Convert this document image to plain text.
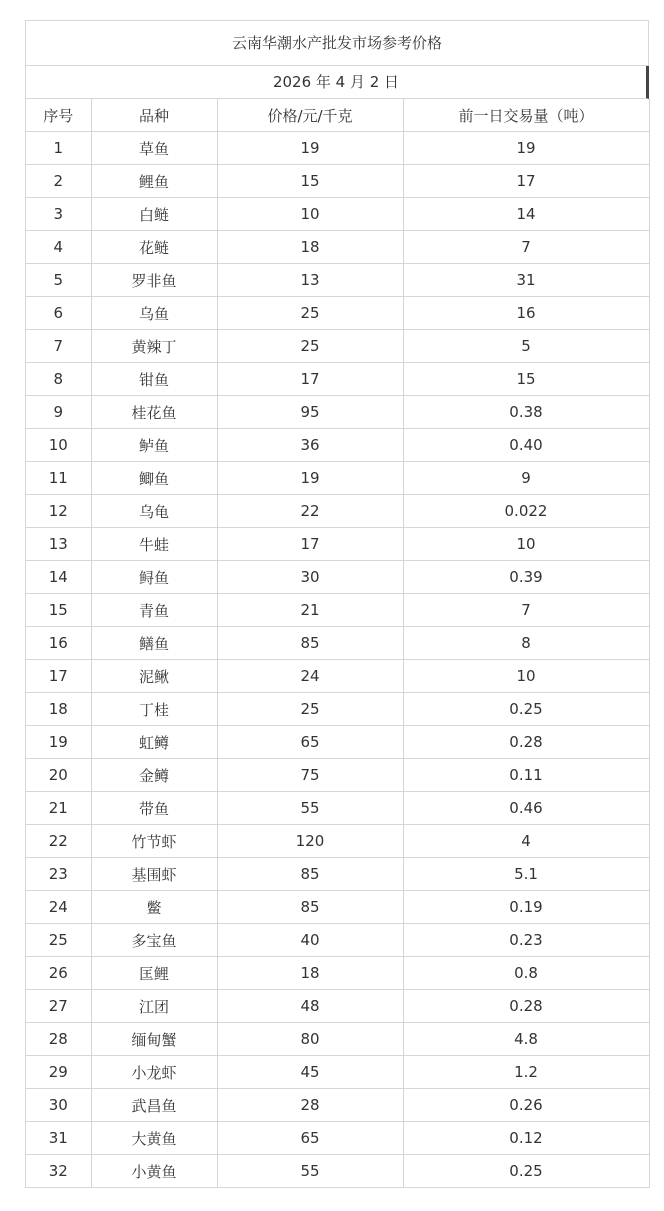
云南华潮水产批发市场参考价格
2026 年 4 月 2 日
序号	品种	价格/元/千克	前一日交易量（吨）
1	草鱼	19	19
2	鲤鱼	15	17
3	白鲢	10	14
4	花鲢	18	7
5	罗非鱼	13	31
6	乌鱼	25	16
7	黄辣丁	25	5
8	钳鱼	17	15
9	桂花鱼	95	0.38
10	鲈鱼	36	0.40
11	鲫鱼	19	9
12	乌龟	22	0.022
13	牛蛙	17	10
14	鲟鱼	30	0.39
15	青鱼	21	7
16	鳝鱼	85	8
17	泥鳅	24	10
18	丁桂	25	0.25
19	虹鳟	65	0.28
20	金鳟	75	0.11
21	带鱼	55	0.46
22	竹节虾	120	4
23	基围虾	85	5.1
24	鳖	85	0.19
25	多宝鱼	40	0.23
26	匡鲤	18	0.8
27	江团	48	0.28
28	缅甸蟹	80	4.8
29	小龙虾	45	1.2
30	武昌鱼	28	0.26
31	大黄鱼	65	0.12
32	小黄鱼	55	0.25
